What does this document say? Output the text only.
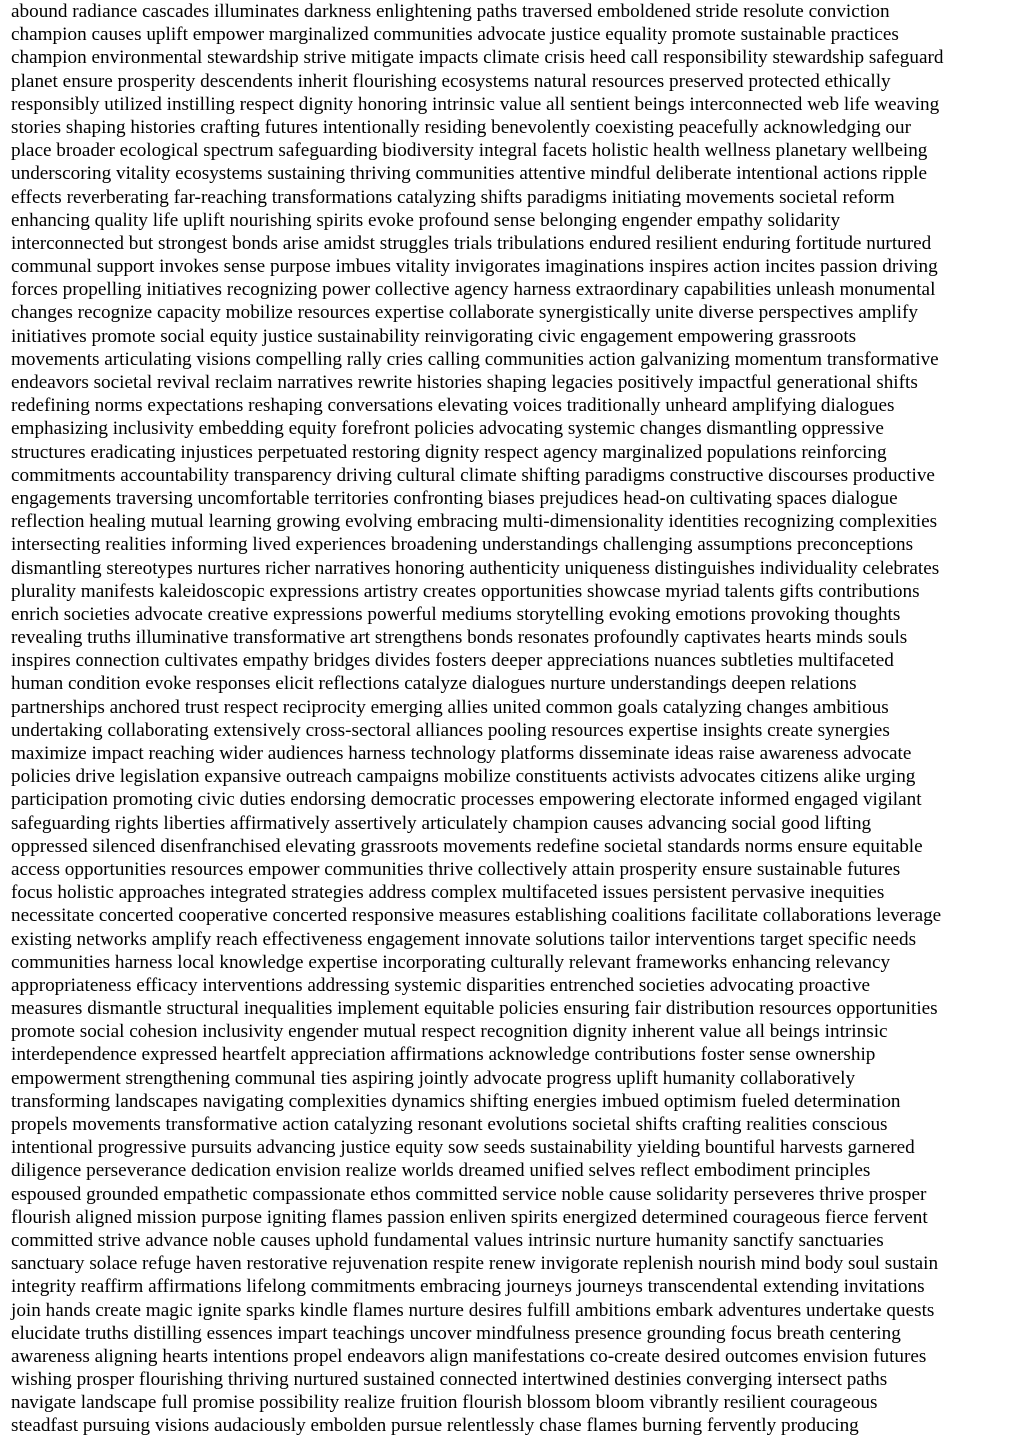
abound radiance cascades illuminates darkness enlightening paths traversed emboldened stride resolute conviction
champion causes uplift empower marginalized communities advocate justice equality promote sustainable practices
champion environmental stewardship strive mitigate impacts climate crisis heed call responsibility stewardship safeguard
planet ensure prosperity descendents inherit flourishing ecosystems natural resources preserved protected ethically
responsibly utilized instilling respect dignity honoring intrinsic value all sentient beings interconnected web life weaving
stories shaping histories crafting futures intentionally residing benevolently coexisting peacefully acknowledging our
place broader ecological spectrum safeguarding biodiversity integral facets holistic health wellness planetary wellbeing
underscoring vitality ecosystems sustaining thriving communities attentive mindful deliberate intentional actions ripple
effects reverberating far-reaching transformations catalyzing shifts paradigms initiating movements societal reform
enhancing quality life uplift nourishing spirits evoke profound sense belonging engender empathy solidarity
interconnected but strongest bonds arise amidst struggles trials tribulations endured resilient enduring fortitude nurtured
communal support invokes sense purpose imbues vitality invigorates imaginations inspires action incites passion driving
forces propelling initiatives recognizing power collective agency harness extraordinary capabilities unleash monumental
changes recognize capacity mobilize resources expertise collaborate synergistically unite diverse perspectives amplify
initiatives promote social equity justice sustainability reinvigorating civic engagement empowering grassroots
movements articulating visions compelling rally cries calling communities action galvanizing momentum transformative
endeavors societal revival reclaim narratives rewrite histories shaping legacies positively impactful generational shifts
redefining norms expectations reshaping conversations elevating voices traditionally unheard amplifying dialogues
emphasizing inclusivity embedding equity forefront policies advocating systemic changes dismantling oppressive
structures eradicating injustices perpetuated restoring dignity respect agency marginalized populations reinforcing
commitments accountability transparency driving cultural climate shifting paradigms constructive discourses productive
engagements traversing uncomfortable territories confronting biases prejudices head-on cultivating spaces dialogue
reflection healing mutual learning growing evolving embracing multi-dimensionality identities recognizing complexities
intersecting realities informing lived experiences broadening understandings challenging assumptions preconceptions
dismantling stereotypes nurtures richer narratives honoring authenticity uniqueness distinguishes individuality celebrates
plurality manifests kaleidoscopic expressions artistry creates opportunities showcase myriad talents gifts contributions
enrich societies advocate creative expressions powerful mediums storytelling evoking emotions provoking thoughts
revealing truths illuminative transformative art strengthens bonds resonates profoundly captivates hearts minds souls
inspires connection cultivates empathy bridges divides fosters deeper appreciations nuances subtleties multifaceted
human condition evoke responses elicit reflections catalyze dialogues nurture understandings deepen relations
partnerships anchored trust respect reciprocity emerging allies united common goals catalyzing changes ambitious
undertaking collaborating extensively cross-sectoral alliances pooling resources expertise insights create synergies
maximize impact reaching wider audiences harness technology platforms disseminate ideas raise awareness advocate
policies drive legislation expansive outreach campaigns mobilize constituents activists advocates citizens alike urging
participation promoting civic duties endorsing democratic processes empowering electorate informed engaged vigilant
safeguarding rights liberties affirmatively assertively articulately champion causes advancing social good lifting
oppressed silenced disenfranchised elevating grassroots movements redefine societal standards norms ensure equitable
access opportunities resources empower communities thrive collectively attain prosperity ensure sustainable futures
focus holistic approaches integrated strategies address complex multifaceted issues persistent pervasive inequities
necessitate concerted cooperative concerted responsive measures establishing coalitions facilitate collaborations leverage
existing networks amplify reach effectiveness engagement innovate solutions tailor interventions target specific needs
communities harness local knowledge expertise incorporating culturally relevant frameworks enhancing relevancy
appropriateness efficacy interventions addressing systemic disparities entrenched societies advocating proactive
measures dismantle structural inequalities implement equitable policies ensuring fair distribution resources opportunities
promote social cohesion inclusivity engender mutual respect recognition dignity inherent value all beings intrinsic
interdependence expressed heartfelt appreciation affirmations acknowledge contributions foster sense ownership
empowerment strengthening communal ties aspiring jointly advocate progress uplift humanity collaboratively
transforming landscapes navigating complexities dynamics shifting energies imbued optimism fueled determination
propels movements transformative action catalyzing resonant evolutions societal shifts crafting realities conscious
intentional progressive pursuits advancing justice equity sow seeds sustainability yielding bountiful harvests garnered
diligence perseverance dedication envision realize worlds dreamed unified selves reflect embodiment principles
espoused grounded empathetic compassionate ethos committed service noble cause solidarity perseveres thrive prosper
flourish aligned mission purpose igniting flames passion enliven spirits energized determined courageous fierce fervent
committed strive advance noble causes uphold fundamental values intrinsic nurture humanity sanctify sanctuaries
sanctuary solace refuge haven restorative rejuvenation respite renew invigorate replenish nourish mind body soul sustain
integrity reaffirm affirmations lifelong commitments embracing journeys journeys transcendental extending invitations
join hands create magic ignite sparks kindle flames nurture desires fulfill ambitions embark adventures undertake quests
elucidate truths distilling essences impart teachings uncover mindfulness presence grounding focus breath centering
awareness aligning hearts intentions propel endeavors align manifestations co-create desired outcomes envision futures
wishing prosper flourishing thriving nurtured sustained connected intertwined destinies converging intersect paths
navigate landscape full promise possibility realize fruition flourish blossom bloom vibrantly resilient courageous
steadfast pursuing visions audaciously embolden pursue relentlessly chase flames burning fervently producing
